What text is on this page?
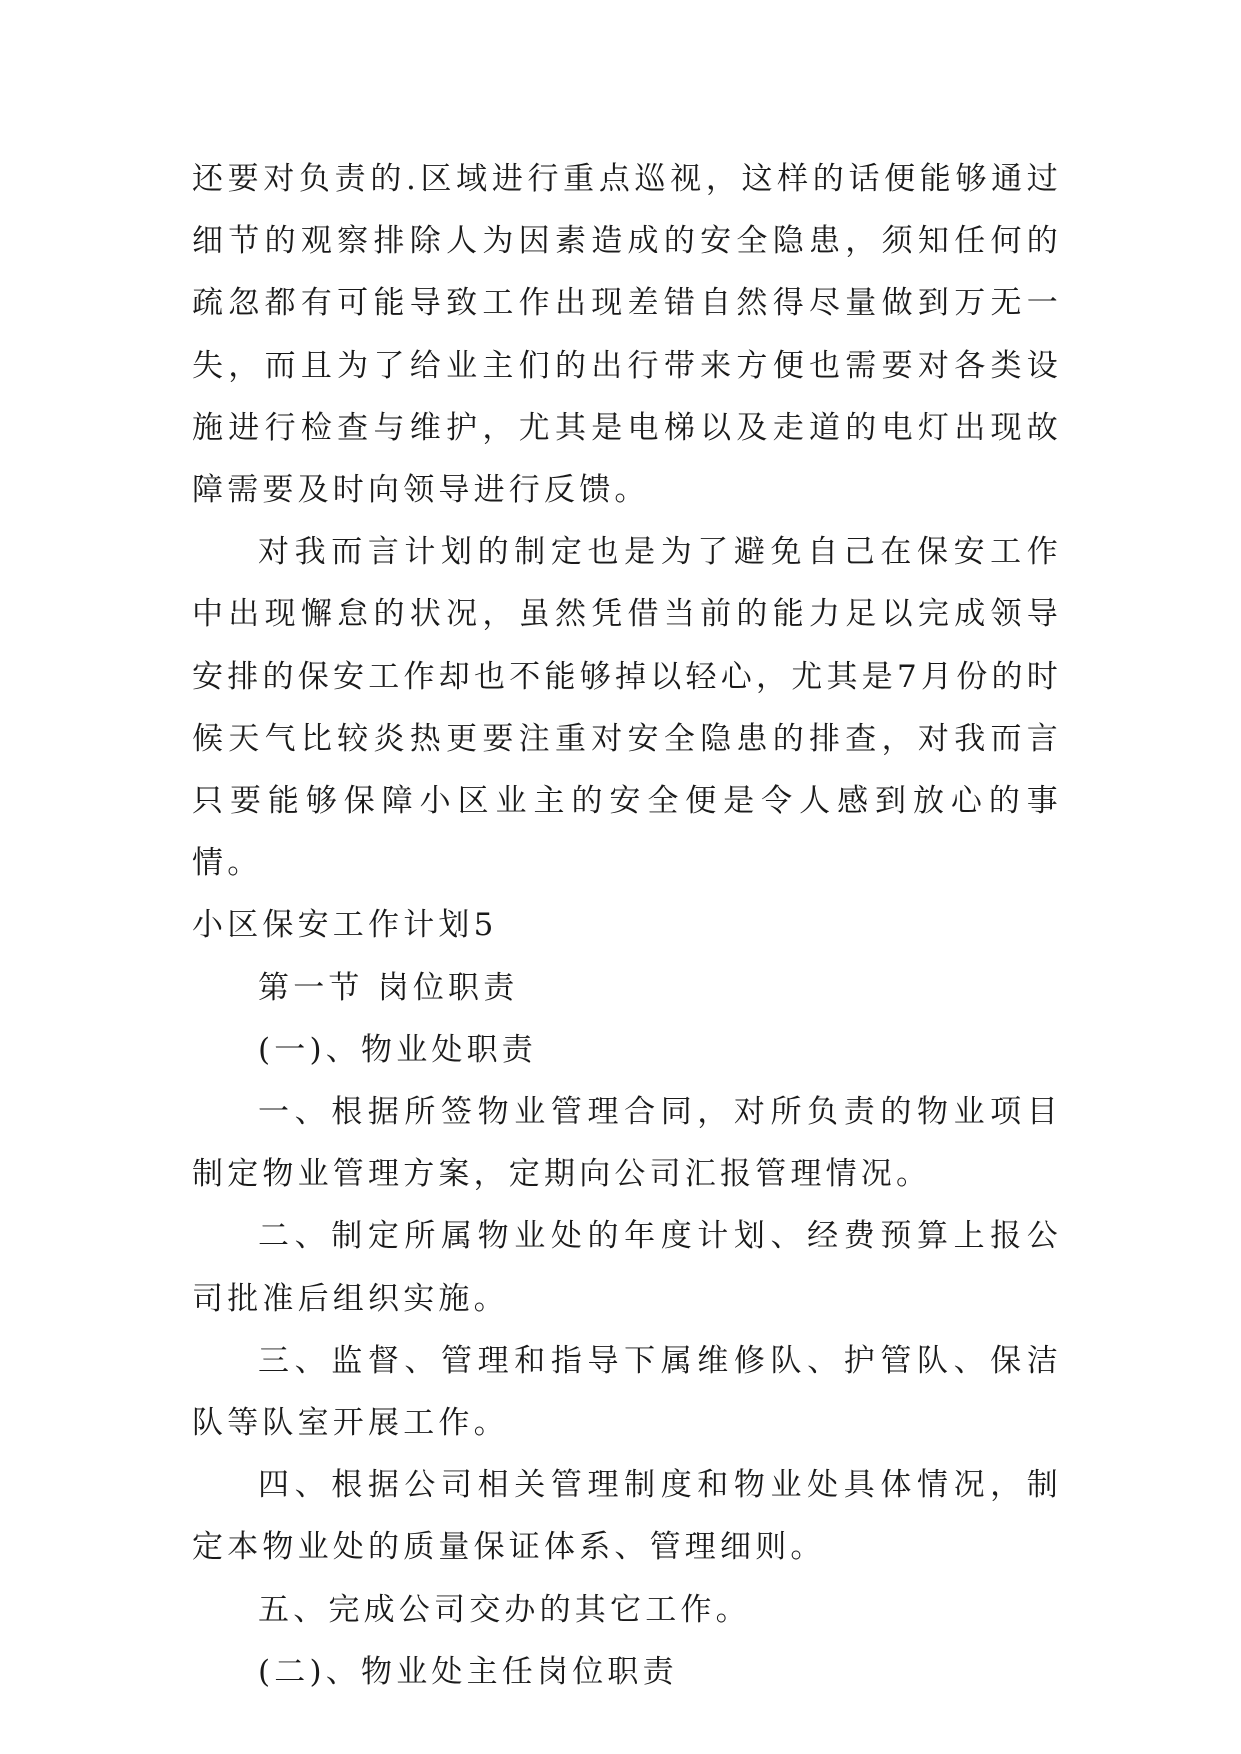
还要对负责的.区域进行重点巡视，这样的话便能够通过细节的观察排除人为因素造成的安全隐患，须知任何的疏忽都有可能导致工作出现差错自然得尽量做到万无一失，而且为了给业主们的出行带来方便也需要对各类设施进行检查与维护，尤其是电梯以及走道的电灯出现故障需要及时向领导进行反馈。

对我而言计划的制定也是为了避免自己在保安工作中出现懈怠的状况，虽然凭借当前的能力足以完成领导安排的保安工作却也不能够掉以轻心，尤其是7月份的时候天气比较炎热更要注重对安全隐患的排查，对我而言只要能够保障小区业主的安全便是令人感到放心的事情。

小区保安工作计划5

第一节 岗位职责

(一)、物业处职责

一、根据所签物业管理合同，对所负责的物业项目制定物业管理方案，定期向公司汇报管理情况。

二、制定所属物业处的年度计划、经费预算上报公司批准后组织实施。

三、监督、管理和指导下属维修队、护管队、保洁队等队室开展工作。

四、根据公司相关管理制度和物业处具体情况，制定本物业处的质量保证体系、管理细则。

五、完成公司交办的其它工作。

(二)、物业处主任岗位职责
